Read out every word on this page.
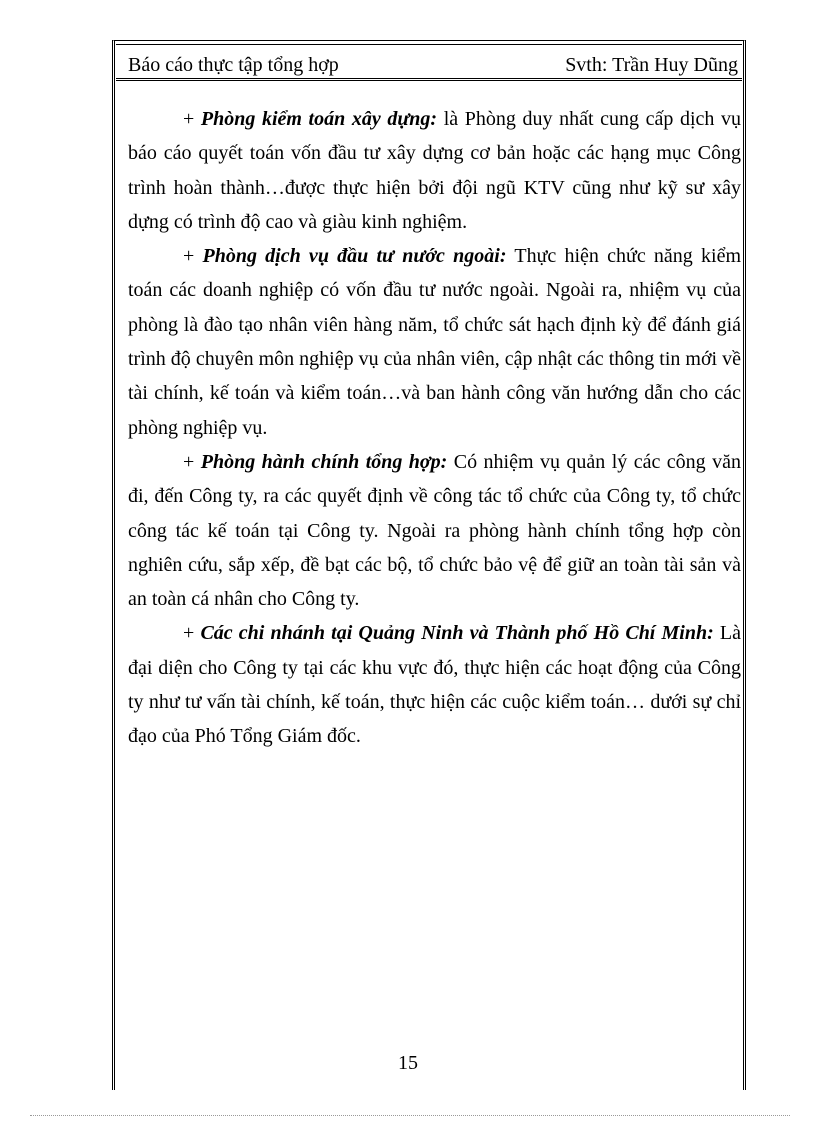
Báo cáo thực tập tổng hợp	Svth: Trần Huy Dũng

+ Phòng kiểm toán xây dựng: là Phòng duy nhất cung cấp dịch vụ báo cáo quyết toán vốn đầu tư xây dựng cơ bản hoặc các hạng mục Công trình hoàn thành…được thực hiện bởi đội ngũ KTV cũng như kỹ sư xây dựng có trình độ cao và giàu kinh nghiệm.

+ Phòng dịch vụ đầu tư nước ngoài: Thực hiện chức năng kiểm toán các doanh nghiệp có vốn đầu tư nước ngoài. Ngoài ra, nhiệm vụ của phòng là đào tạo nhân viên hàng năm, tổ chức sát hạch định kỳ để đánh giá trình độ chuyên môn nghiệp vụ của nhân viên, cập nhật các thông tin mới về tài chính, kế toán và kiểm toán…và ban hành công văn hướng dẫn cho các phòng nghiệp vụ.

+ Phòng hành chính tổng hợp: Có nhiệm vụ quản lý các công văn đi, đến Công ty, ra các quyết định về công tác tổ chức của Công ty, tổ chức công tác kế toán tại Công ty. Ngoài ra phòng hành chính tổng hợp còn nghiên cứu, sắp xếp, đề bạt các bộ, tổ chức bảo vệ để giữ an toàn tài sản và an toàn cá nhân cho Công ty.

+ Các chi nhánh tại Quảng Ninh và Thành phố Hồ Chí Minh: Là đại diện cho Công ty tại các khu vực đó, thực hiện các hoạt động của Công ty như tư vấn tài chính, kế toán, thực hiện các cuộc kiểm toán… dưới sự chỉ đạo của Phó Tổng Giám đốc.

15
